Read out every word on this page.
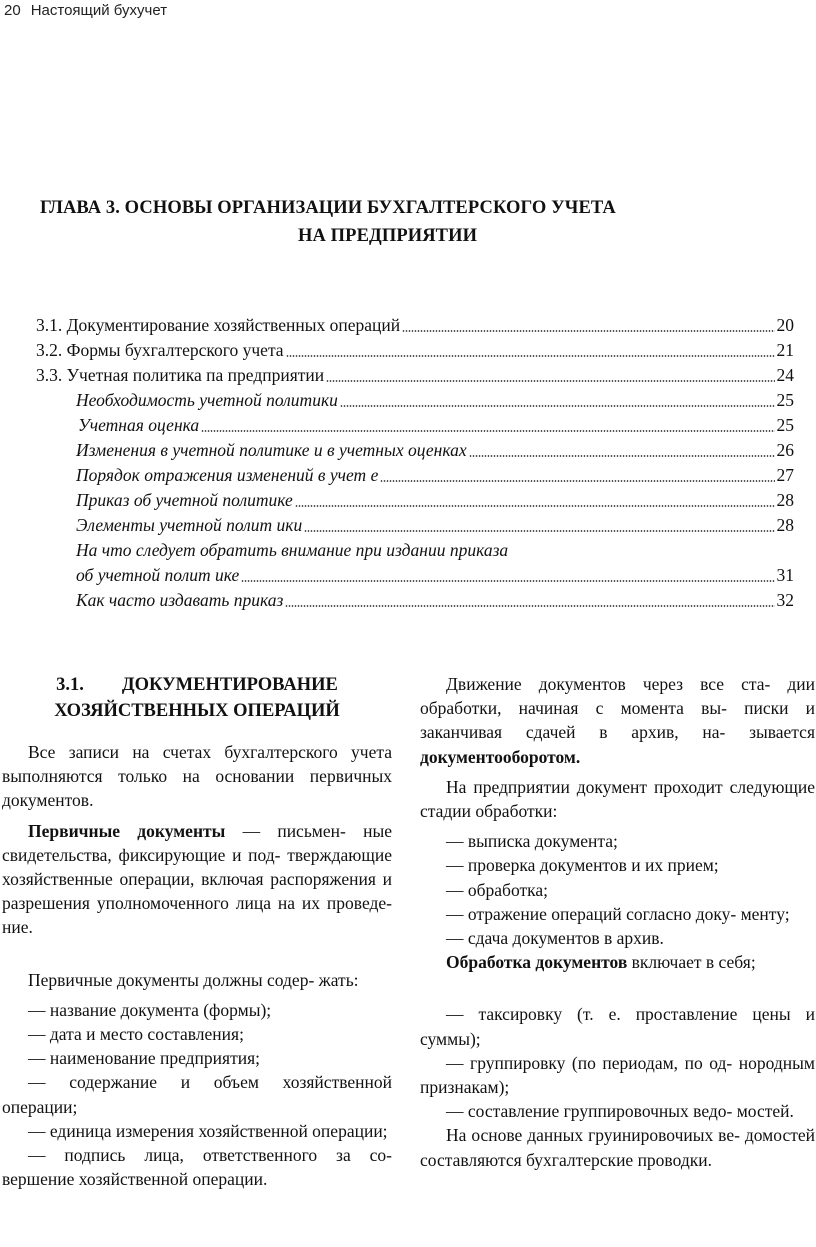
20 Настоящий бухучет
ГЛАВА 3. ОСНОВЫ ОРГАНИЗАЦИИ БУХГАЛТЕРСКОГО УЧЕТА
НА ПРЕДПРИЯТИИ
3.1. Документирование хозяйственных операций	20
3.2. Формы бухгалтерского учета	21
3.3. Учетная политика па предприятии	24
Необходимость учетной политики	25
Учетная оценка	25
Изменения в учетной политике и в учетных оценках	26
Порядок отражения изменений в учет е	27
Приказ об учетной политике	28
Элементы учетной полит ики	28
На что следует обратить внимание при издании приказа
об учетной полит ике	31
Как часто издавать приказ	32
3.1. ДОКУМЕНТИРОВАНИЕ
ХОЗЯЙСТВЕННЫХ ОПЕРАЦИЙ

Все записи на счетах бухгалтерского учета выполняются только на основании первичных документов.

Первичные документы — письмен- ные свидетельства, фиксирующие и под- тверждающие хозяйственные операции, включая распоряжения и разрешения уполномоченного лица на их проведе- ние.

Первичные документы должны содер- жать:

— название документа (формы);

— дата и место составления;

— наименование предприятия;

— содержание и объем хозяйственной операции;

— единица измерения хозяйственной операции;

— подпись лица, ответственного за со- вершение хозяйственной операции.

Движение документов через все ста- дии обработки, начиная с момента вы- писки и заканчивая сдачей в архив, на- зывается документооборотом.

На предприятии документ проходит следующие стадии обработки:

— выписка документа;

— проверка документов и их прием;

— обработка;

— отражение операций согласно доку- менту;

— сдача документов в архив.

Обработка документов включает в себя;

— таксировку (т. е. проставление цены и суммы);

— группировку (по периодам, по од- нородным признакам);

— составление группировочных ведо- мостей.

На основе данных груинировочиых ве- домостей составляются бухгалтерские проводки.
